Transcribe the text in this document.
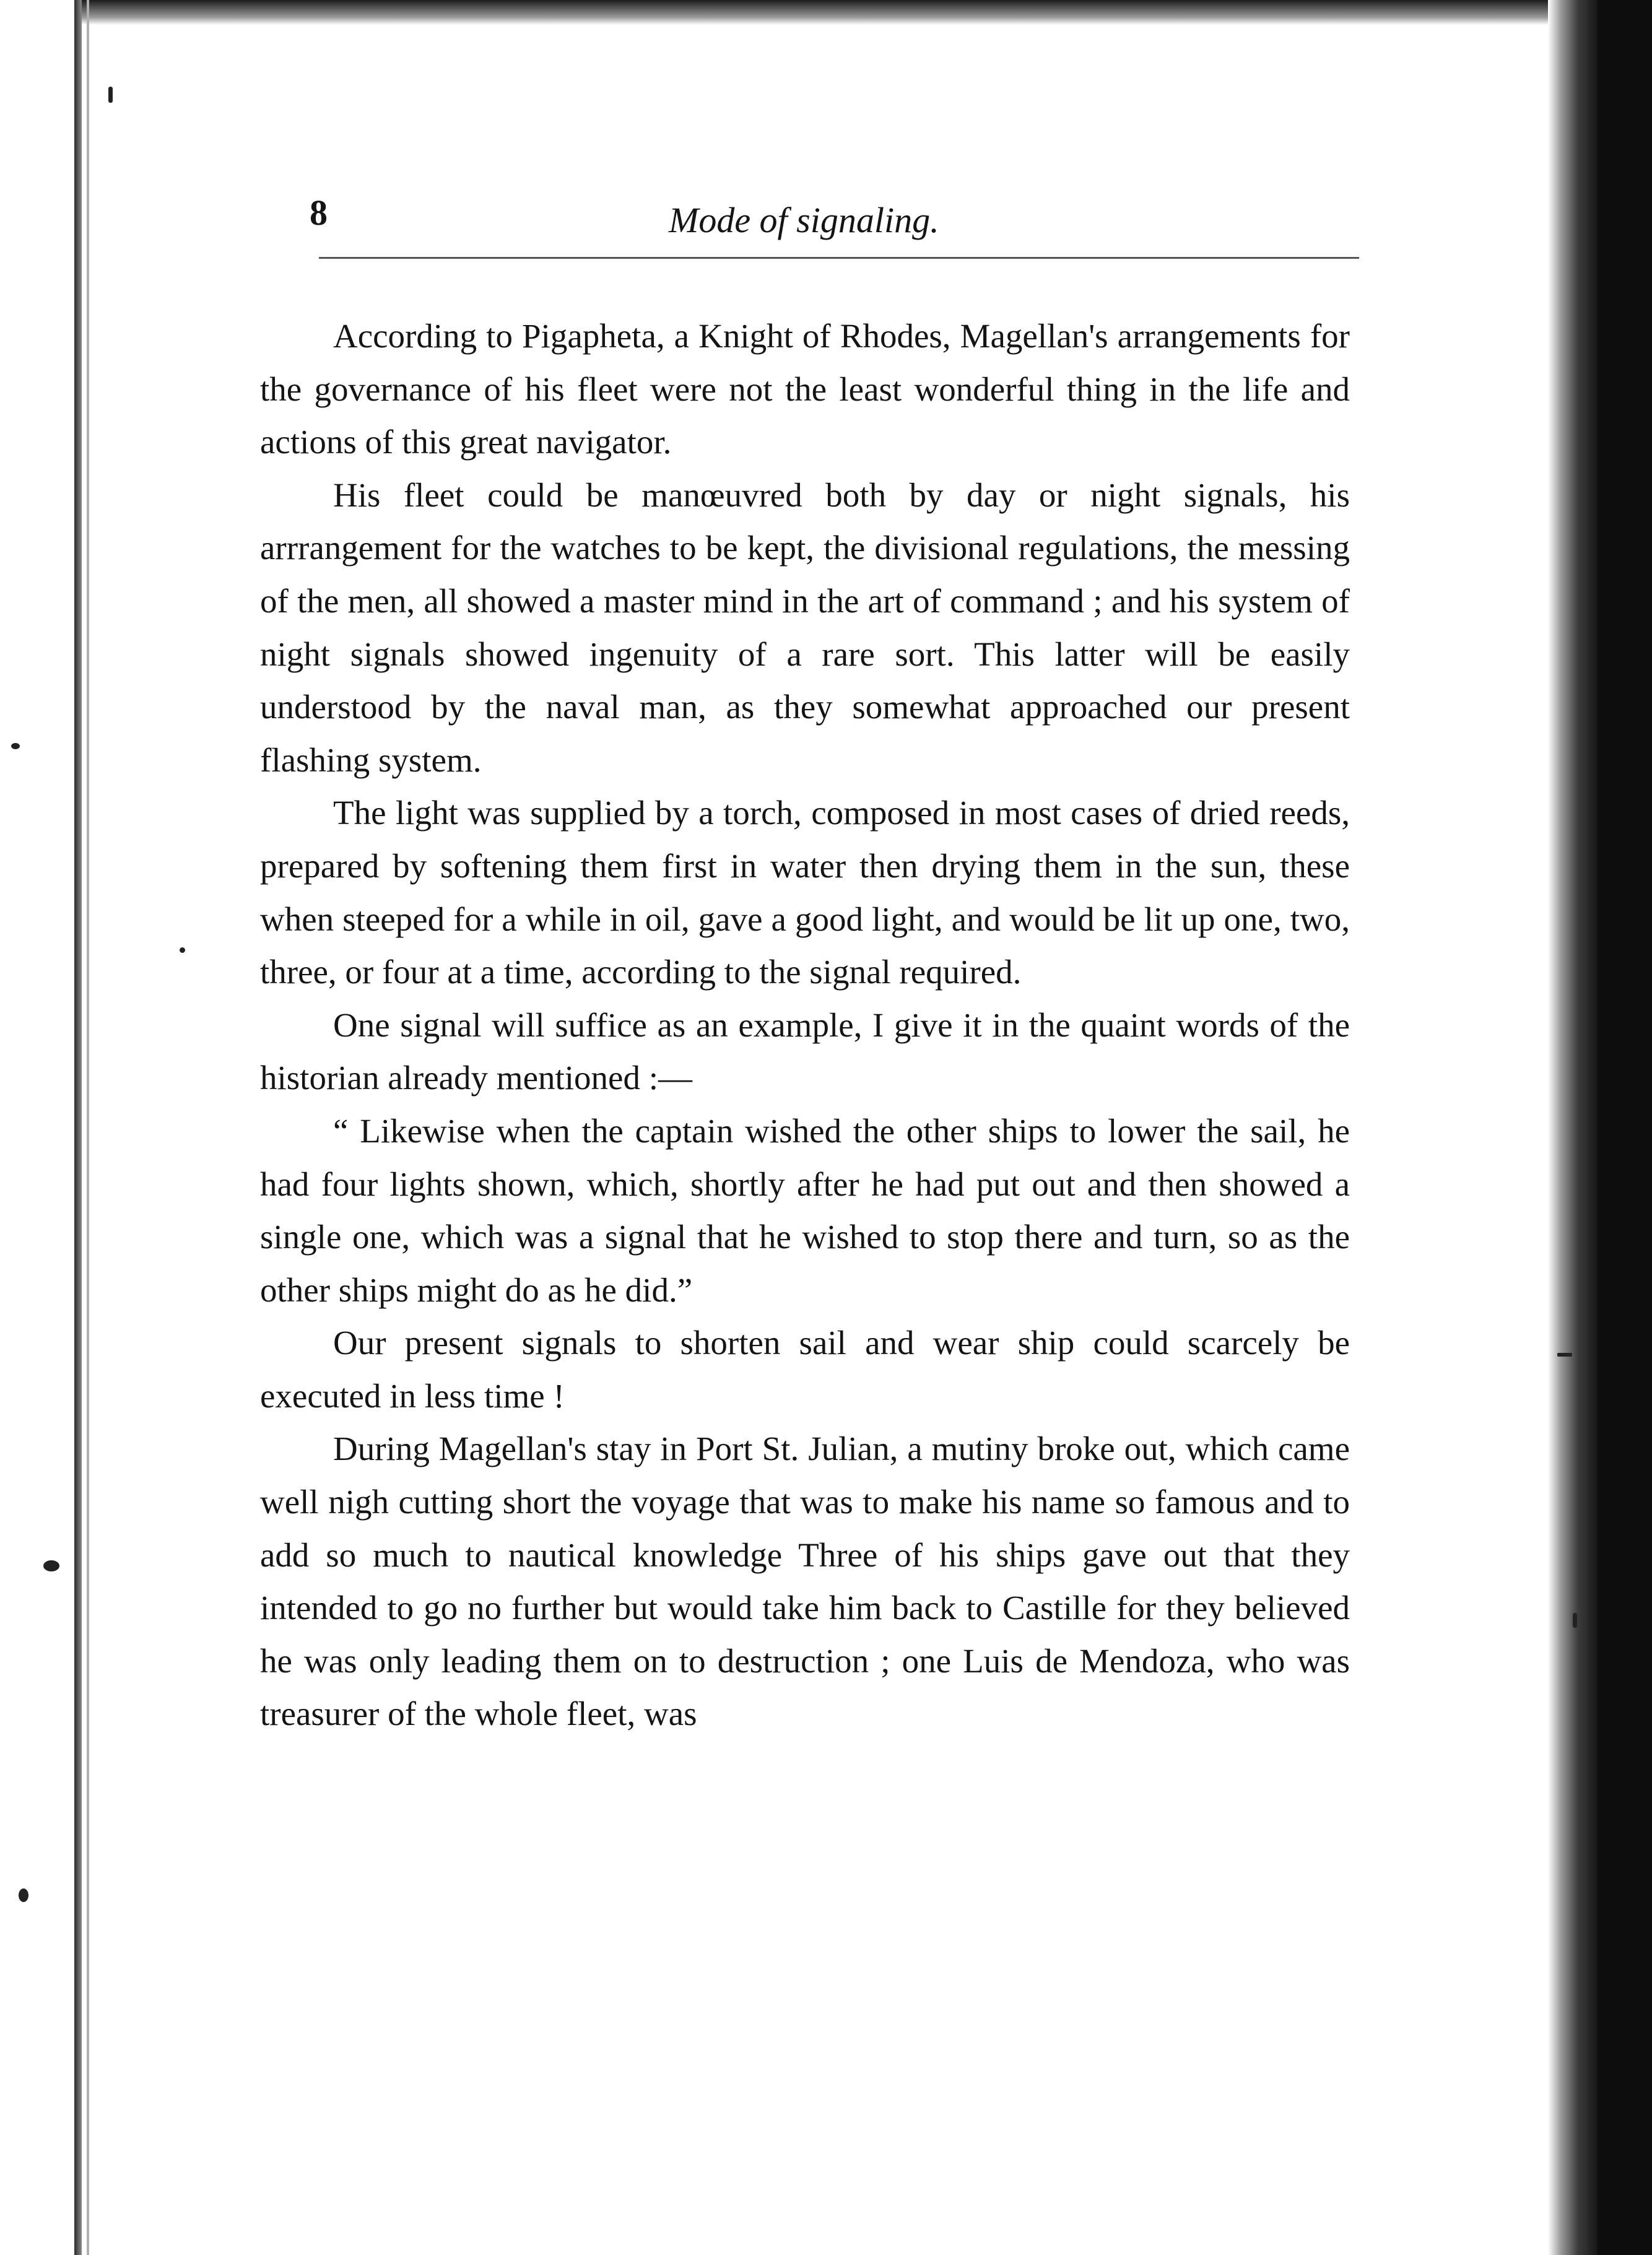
8	Mode of signaling.

According to Pigapheta, a Knight of Rhodes, Magellan's arrangements for the governance of his fleet were not the least wonderful thing in the life and actions of this great navigator.

His fleet could be manœuvred both by day or night signals, his arrrangement for the watches to be kept, the divisional regulations, the messing of the men, all showed a master mind in the art of command ; and his system of night signals showed ingenuity of a rare sort. This latter will be easily understood by the naval man, as they somewhat approached our present flashing system.

The light was supplied by a torch, composed in most cases of dried reeds, prepared by softening them first in water then drying them in the sun, these when steeped for a while in oil, gave a good light, and would be lit up one, two, three, or four at a time, according to the signal required.

One signal will suffice as an example, I give it in the quaint words of the historian already mentioned :—

“ Likewise when the captain wished the other ships to lower the sail, he had four lights shown, which, shortly after he had put out and then showed a single one, which was a signal that he wished to stop there and turn, so as the other ships might do as he did.”

Our present signals to shorten sail and wear ship could scarcely be executed in less time !

During Magellan's stay in Port St. Julian, a mutiny broke out, which came well nigh cutting short the voyage that was to make his name so famous and to add so much to nautical knowledge Three of his ships gave out that they intended to go no further but would take him back to Castille for they believed he was only leading them on to destruction ; one Luis de Mendoza, who was treasurer of the whole fleet, was
